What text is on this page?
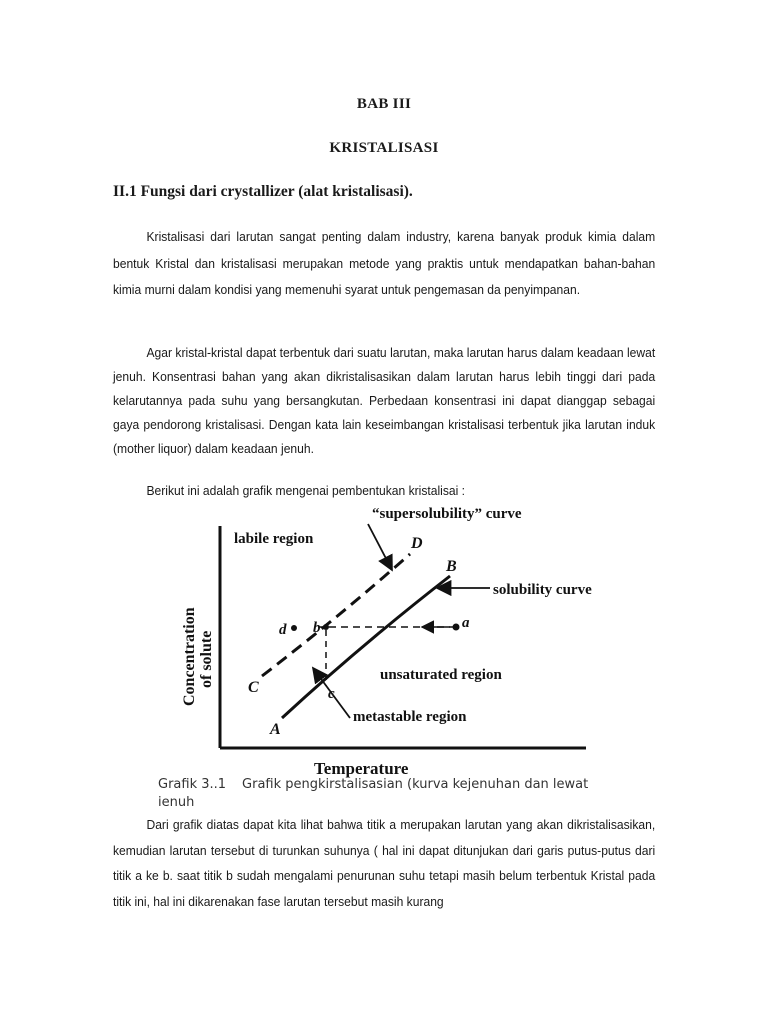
BAB III
KRISTALISASI
II.1 Fungsi dari crystallizer (alat kristalisasi).
Kristalisasi dari larutan sangat penting dalam industry, karena banyak produk kimia dalam bentuk Kristal dan kristalisasi merupakan metode yang praktis untuk mendapatkan bahan-bahan kimia murni dalam kondisi yang memenuhi syarat untuk pengemasan da penyimpanan.
Agar kristal-kristal dapat terbentuk dari suatu larutan, maka larutan harus dalam keadaan lewat jenuh. Konsentrasi bahan yang akan dikristalisasikan dalam larutan harus lebih tinggi dari pada kelarutannya pada suhu yang bersangkutan. Perbedaan konsentrasi ini dapat dianggap sebagai gaya pendorong kristalisasi. Dengan kata lain keseimbangan kristalisasi terbentuk jika larutan induk (mother liquor) dalam keadaan jenuh.
Berikut ini adalah grafik mengenai pembentukan kristalisai :
“supersolubility” curve
labile region
solubility curve
unsaturated region
metastable region
D
B
C
A
a
b
c
d
Temperature
Concentration of solute
Grafik 3..1 Grafik pengkirstalisasian (kurva kejenuhan dan lewat ienuh
Dari grafik diatas dapat kita lihat bahwa titik a merupakan larutan yang akan dikristalisasikan, kemudian larutan tersebut di turunkan suhunya ( hal ini dapat ditunjukan dari garis putus-putus dari titik a ke b. saat titik b sudah mengalami penurunan suhu tetapi masih belum terbentuk Kristal pada titik ini, hal ini dikarenakan fase larutan tersebut masih kurang
